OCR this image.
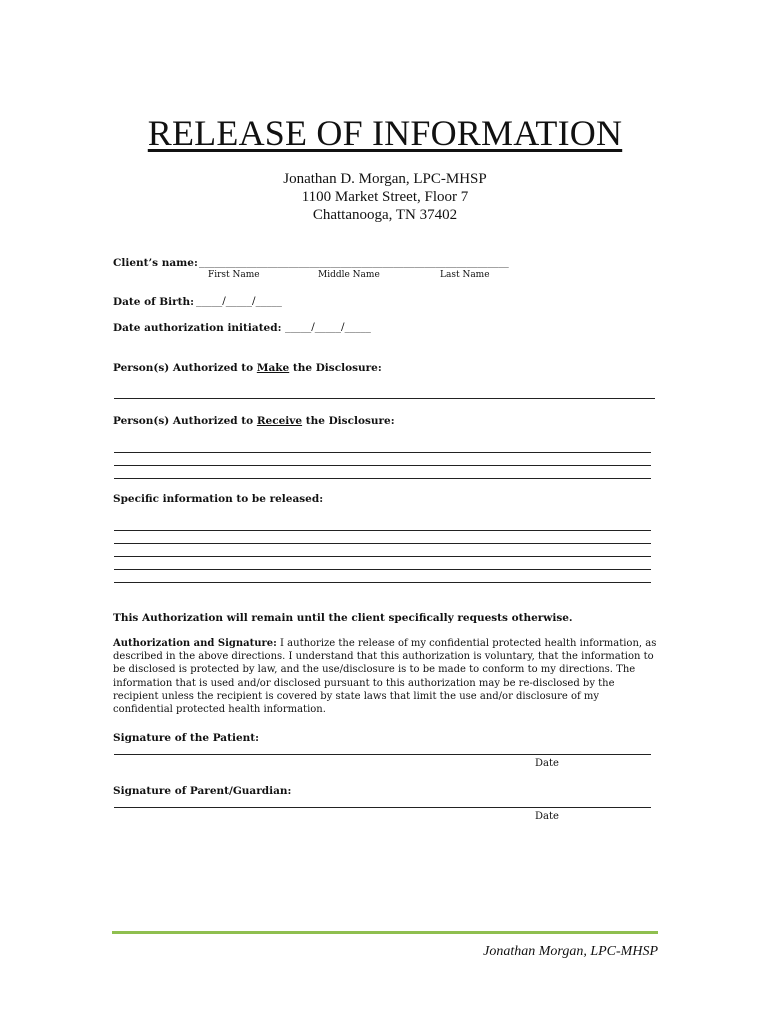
RELEASE OF INFORMATION
Jonathan D. Morgan, LPC-MHSP
1100 Market Street, Floor 7
Chattanooga, TN 37402
Client’s name: ___________________________________________________________
First Name	Middle Name	Last Name
Date of Birth: _____/_____/_____
Date authorization initiated: _____/_____/_____
Person(s) Authorized to Make the Disclosure:
Person(s) Authorized to Receive the Disclosure:
Specific information to be released:
This Authorization will remain until the client specifically requests otherwise.
Authorization and Signature: I authorize the release of my confidential protected health information, as described in the above directions. I understand that this authorization is voluntary, that the information to be disclosed is protected by law, and the use/disclosure is to be made to conform to my directions. The information that is used and/or disclosed pursuant to this authorization may be re-disclosed by the recipient unless the recipient is covered by state laws that limit the use and/or disclosure of my confidential protected health information.
Signature of the Patient:
Date
Signature of Parent/Guardian:
Date
Jonathan Morgan, LPC-MHSP
